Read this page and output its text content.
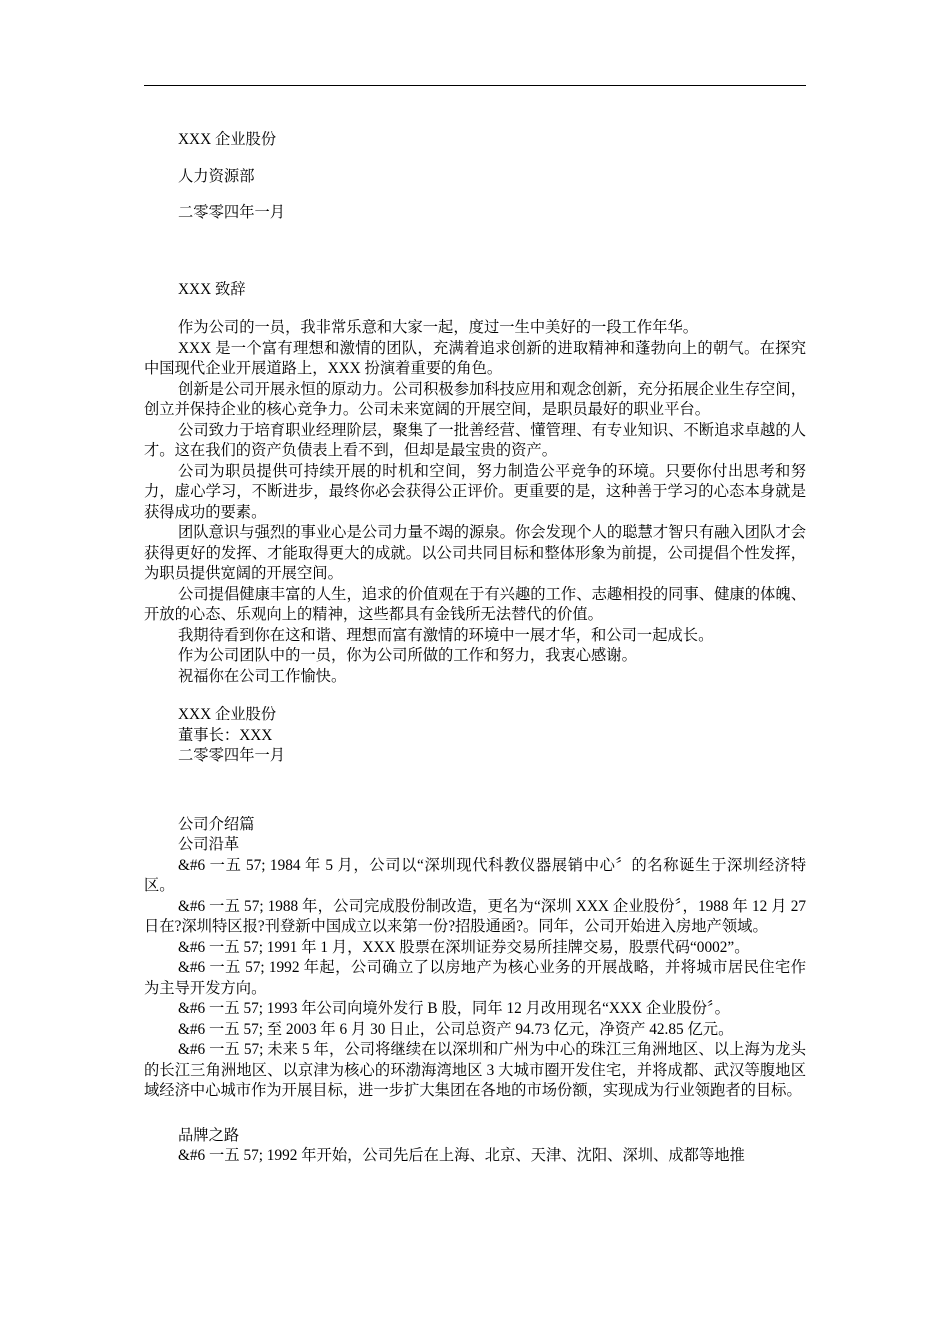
XXX 企业股份

人力资源部

二零零四年一月

XXX 致辞

作为公司的一员，我非常乐意和大家一起，度过一生中美好的一段工作年华。

XXX 是一个富有理想和激情的团队，充满着追求创新的进取精神和蓬勃向上的朝气。在探究中国现代企业开展道路上，XXX 扮演着重要的角色。

创新是公司开展永恒的原动力。公司积极参加科技应用和观念创新，充分拓展企业生存空间，创立并保持企业的核心竞争力。公司未来宽阔的开展空间，是职员最好的职业平台。

公司致力于培育职业经理阶层，聚集了一批善经营、懂管理、有专业知识、不断追求卓越的人才。这在我们的资产负债表上看不到，但却是最宝贵的资产。

公司为职员提供可持续开展的时机和空间，努力制造公平竞争的环境。只要你付出思考和努力，虚心学习，不断进步，最终你必会获得公正评价。更重要的是，这种善于学习的心态本身就是获得成功的要素。

团队意识与强烈的事业心是公司力量不竭的源泉。你会发现个人的聪慧才智只有融入团队才会获得更好的发挥、才能取得更大的成就。以公司共同目标和整体形象为前提，公司提倡个性发挥，为职员提供宽阔的开展空间。

公司提倡健康丰富的人生，追求的价值观在于有兴趣的工作、志趣相投的同事、健康的体魄、开放的心态、乐观向上的精神，这些都具有金钱所无法替代的价值。

我期待看到你在这和谐、理想而富有激情的环境中一展才华，和公司一起成长。

作为公司团队中的一员，你为公司所做的工作和努力，我衷心感谢。

祝福你在公司工作愉快。

XXX 企业股份

董事长：XXX

二零零四年一月

公司介绍篇

公司沿革

&#6 一五 57; 1984 年 5 月，公司以“深圳现代科教仪器展销中心〞的名称诞生于深圳经济特区。

&#6 一五 57; 1988 年，公司完成股份制改造，更名为“深圳 XXX 企业股份〞，1988 年 12 月 27 日在?深圳特区报?刊登新中国成立以来第一份?招股通函?。同年，公司开始进入房地产领域。

&#6 一五 57; 1991 年 1 月，XXX 股票在深圳证券交易所挂牌交易，股票代码“0002”。

&#6 一五 57; 1992 年起，公司确立了以房地产为核心业务的开展战略，并将城市居民住宅作为主导开发方向。

&#6 一五 57; 1993 年公司向境外发行 B 股，同年 12 月改用现名“XXX 企业股份〞。

&#6 一五 57; 至 2003 年 6 月 30 日止，公司总资产 94.73 亿元，净资产 42.85 亿元。

&#6 一五 57; 未来 5 年，公司将继续在以深圳和广州为中心的珠江三角洲地区、以上海为龙头的长江三角洲地区、以京津为核心的环渤海湾地区 3 大城市圈开发住宅，并将成都、武汉等腹地区域经济中心城市作为开展目标，进一步扩大集团在各地的市场份额，实现成为行业领跑者的目标。

品牌之路

&#6 一五 57; 1992 年开始，公司先后在上海、北京、天津、沈阳、深圳、成都等地推
